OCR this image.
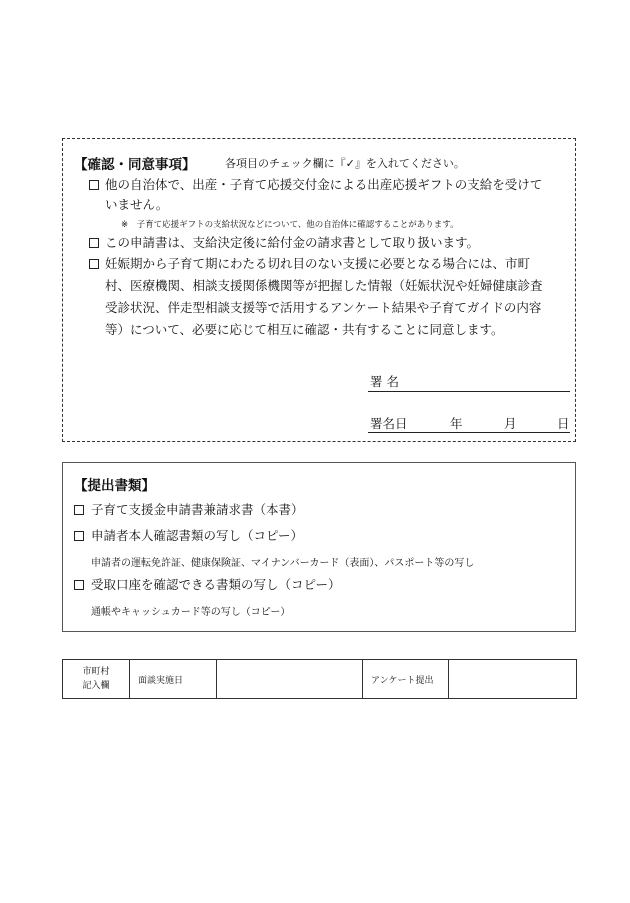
【確認・同意事項】	各項目のチェック欄に『✓』を入れてください。
他の自治体で、出産・子育て応援交付金による出産応援ギフトの支給を受けて
いません。
※　子育て応援ギフトの支給状況などについて、他の自治体に確認することがあります。
この申請書は、支給決定後に給付金の請求書として取り扱います。
妊娠期から子育て期にわたる切れ目のない支援に必要となる場合には、市町
村、医療機関、相談支援関係機関等が把握した情報（妊娠状況や妊婦健康診査
受診状況、伴走型相談支援等で活用するアンケート結果や子育てガイドの内容
等）について、必要に応じて相互に確認・共有することに同意します。
署 名
署名日	年	月	日
【提出書類】
子育て支援金申請書兼請求書（本書）
申請者本人確認書類の写し（コピー）
申請者の運転免許証、健康保険証、マイナンバーカード（表面）、パスポート等の写し
受取口座を確認できる書類の写し（コピー）
通帳やキャッシュカード等の写し（コピー）
市町村
記入欄	面談実施日		アンケート提出	
